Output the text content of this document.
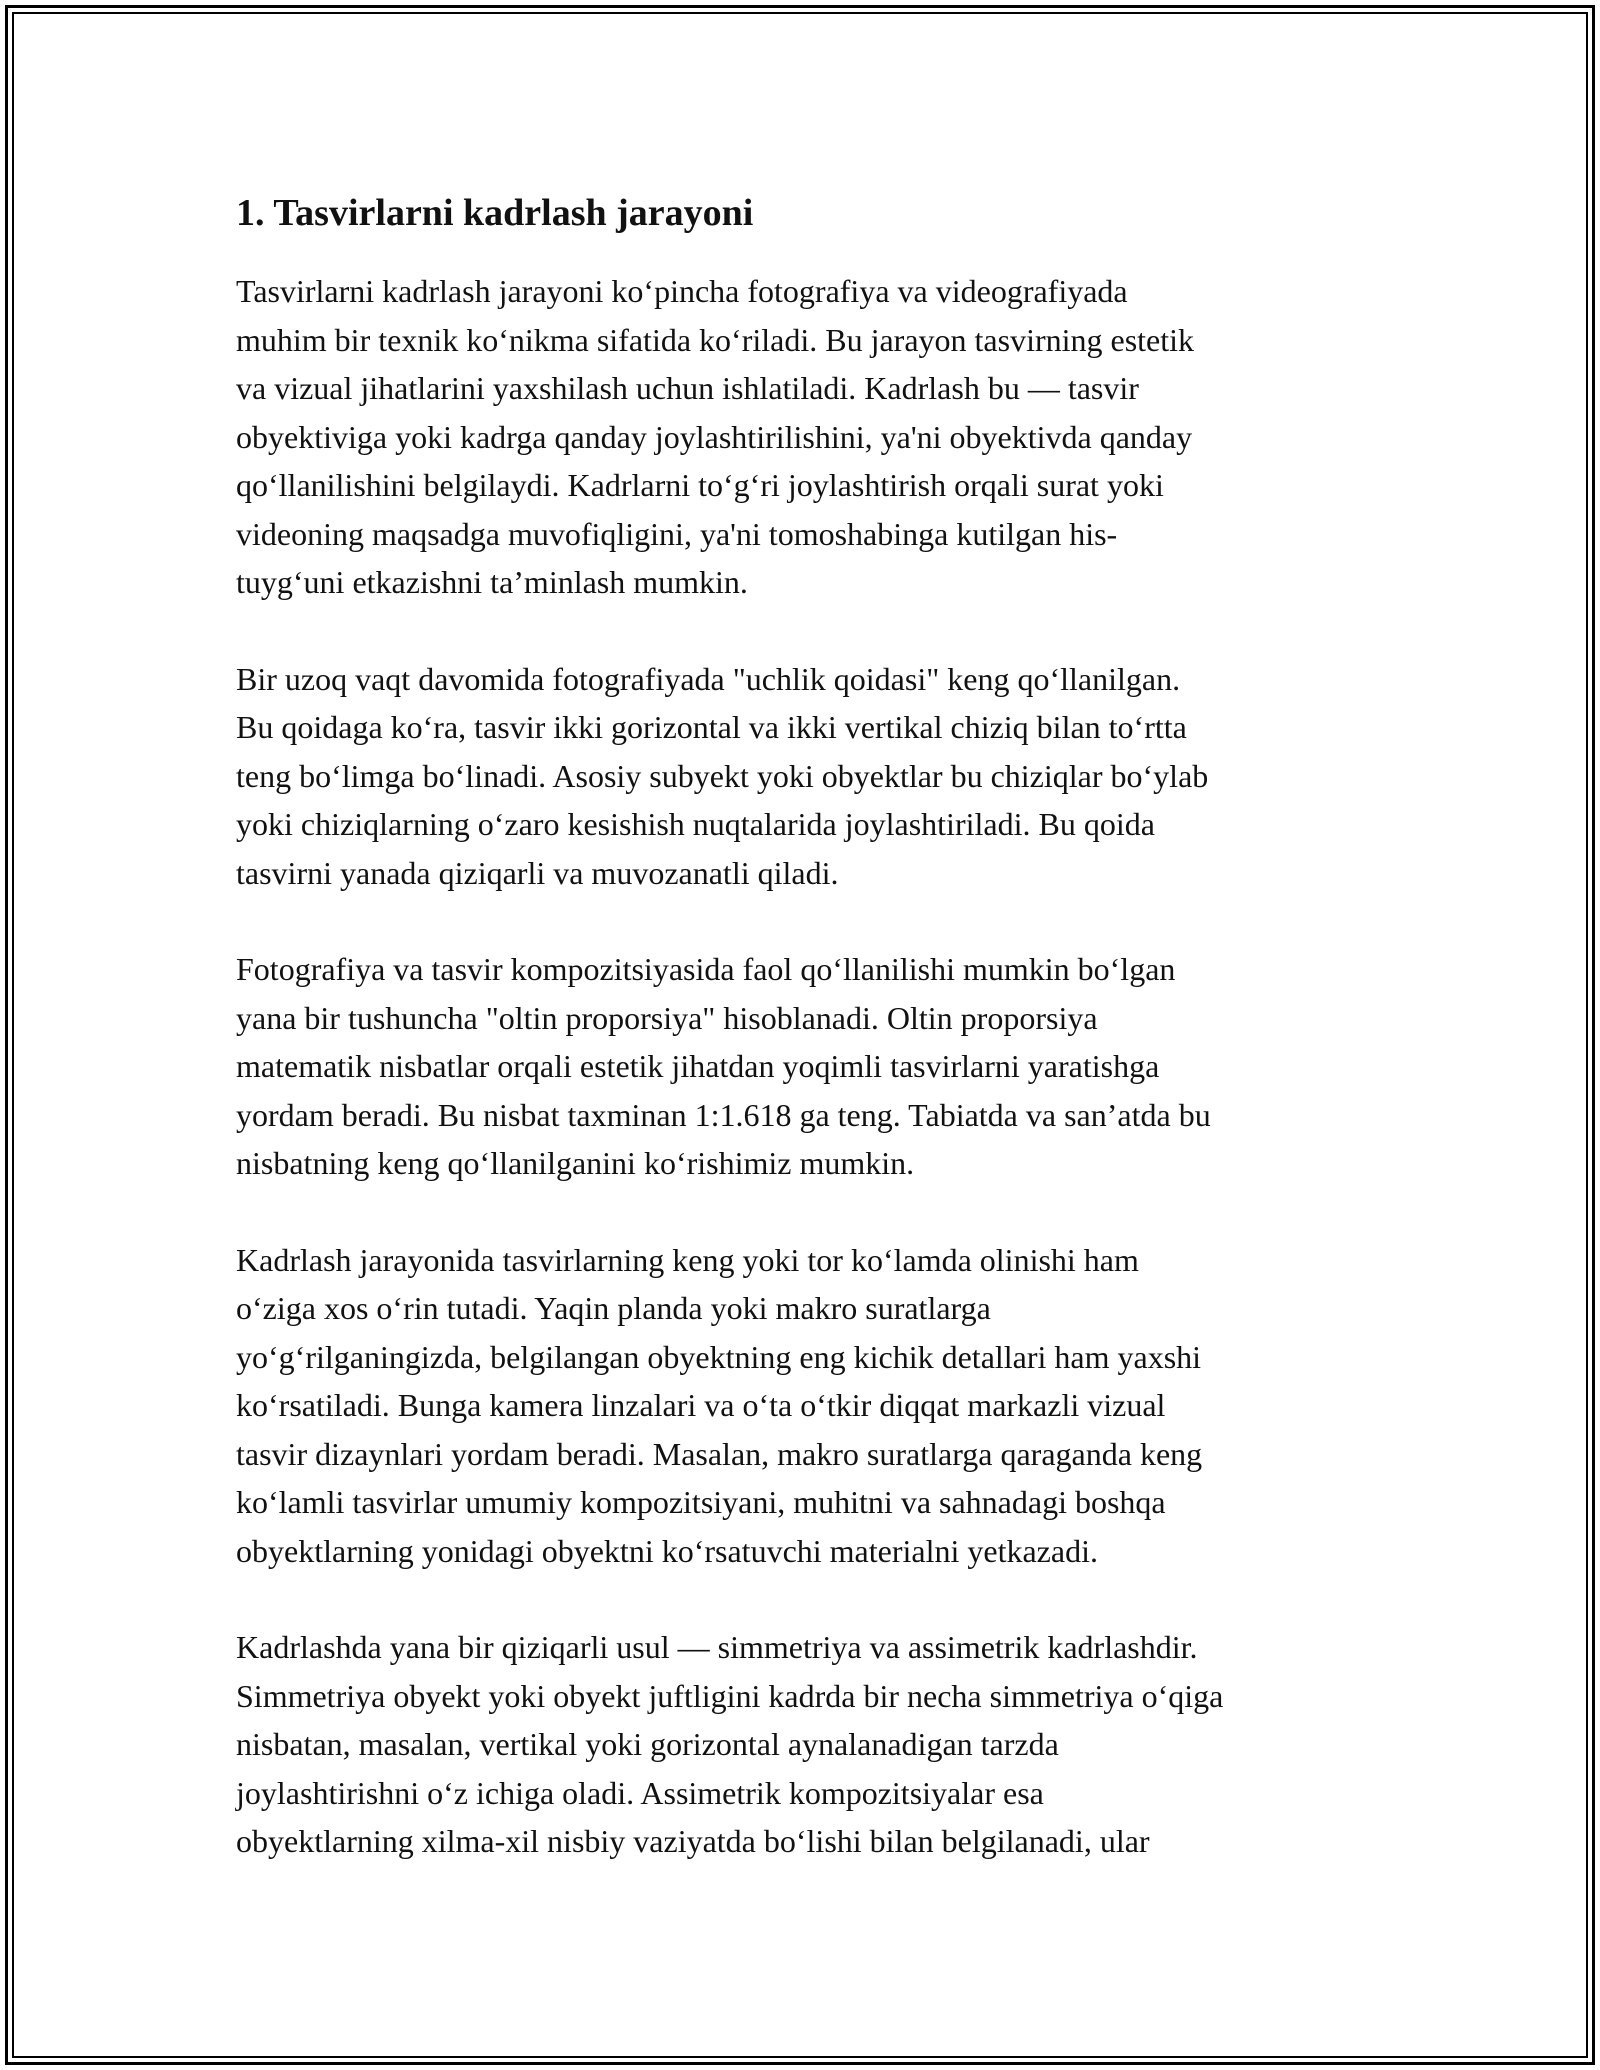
1. Tasvirlarni kadrlash jarayoni

Tasvirlarni kadrlash jarayoni ko‘pincha fotografiya va videografiyada
muhim bir texnik ko‘nikma sifatida ko‘riladi. Bu jarayon tasvirning estetik
va vizual jihatlarini yaxshilash uchun ishlatiladi. Kadrlash bu — tasvir
obyektiviga yoki kadrga qanday joylashtirilishini, ya'ni obyektivda qanday
qo‘llanilishini belgilaydi. Kadrlarni to‘g‘ri joylashtirish orqali surat yoki
videoning maqsadga muvofiqligini, ya'ni tomoshabinga kutilgan his-
tuyg‘uni etkazishni ta’minlash mumkin.

Bir uzoq vaqt davomida fotografiyada "uchlik qoidasi" keng qo‘llanilgan.
Bu qoidaga ko‘ra, tasvir ikki gorizontal va ikki vertikal chiziq bilan to‘rtta
teng bo‘limga bo‘linadi. Asosiy subyekt yoki obyektlar bu chiziqlar bo‘ylab
yoki chiziqlarning o‘zaro kesishish nuqtalarida joylashtiriladi. Bu qoida
tasvirni yanada qiziqarli va muvozanatli qiladi.

Fotografiya va tasvir kompozitsiyasida faol qo‘llanilishi mumkin bo‘lgan
yana bir tushuncha "oltin proporsiya" hisoblanadi. Oltin proporsiya
matematik nisbatlar orqali estetik jihatdan yoqimli tasvirlarni yaratishga
yordam beradi. Bu nisbat taxminan 1:1.618 ga teng. Tabiatda va san’atda bu
nisbatning keng qo‘llanilganini ko‘rishimiz mumkin.

Kadrlash jarayonida tasvirlarning keng yoki tor ko‘lamda olinishi ham
o‘ziga xos o‘rin tutadi. Yaqin planda yoki makro suratlarga
yo‘g‘rilganingizda, belgilangan obyektning eng kichik detallari ham yaxshi
ko‘rsatiladi. Bunga kamera linzalari va o‘ta o‘tkir diqqat markazli vizual
tasvir dizaynlari yordam beradi. Masalan, makro suratlarga qaraganda keng
ko‘lamli tasvirlar umumiy kompozitsiyani, muhitni va sahnadagi boshqa
obyektlarning yonidagi obyektni ko‘rsatuvchi materialni yetkazadi.

Kadrlashda yana bir qiziqarli usul — simmetriya va assimetrik kadrlashdir.
Simmetriya obyekt yoki obyekt juftligini kadrda bir necha simmetriya o‘qiga
nisbatan, masalan, vertikal yoki gorizontal aynalanadigan tarzda
joylashtirishni o‘z ichiga oladi. Assimetrik kompozitsiyalar esa
obyektlarning xilma-xil nisbiy vaziyatda bo‘lishi bilan belgilanadi, ular
